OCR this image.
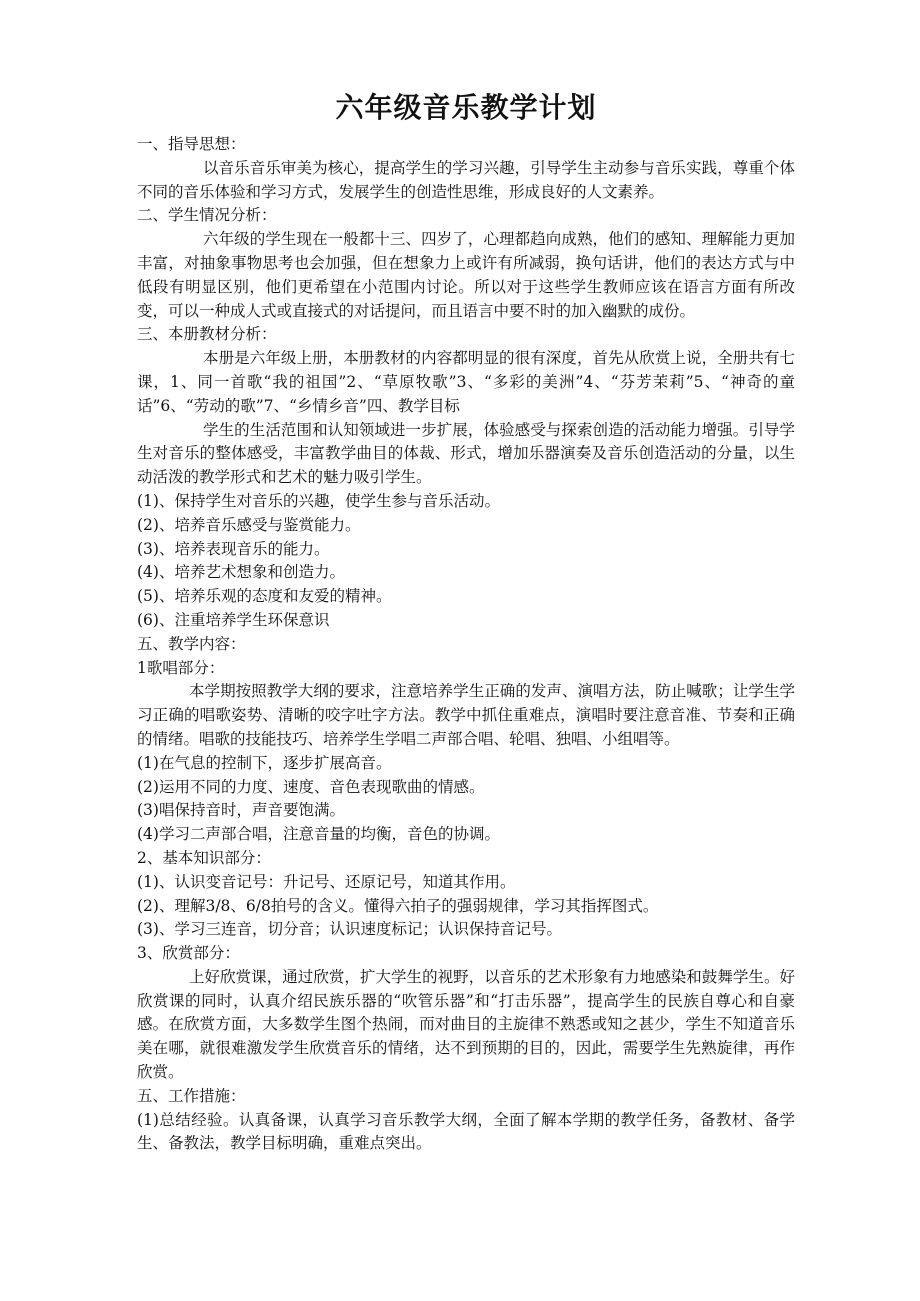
六年级音乐教学计划

一、指导思想：

以音乐音乐审美为核心，提高学生的学习兴趣，引导学生主动参与音乐实践，尊重个体不同的音乐体验和学习方式，发展学生的创造性思维，形成良好的人文素养。

二、学生情况分析：

六年级的学生现在一般都十三、四岁了，心理都趋向成熟，他们的感知、理解能力更加丰富，对抽象事物思考也会加强，但在想象力上或许有所减弱，换句话讲，他们的表达方式与中低段有明显区别，他们更希望在小范围内讨论。所以对于这些学生教师应该在语言方面有所改变，可以一种成人式或直接式的对话提问，而且语言中要不时的加入幽默的成份。

三、本册教材分析：

本册是六年级上册，本册教材的内容都明显的很有深度，首先从欣赏上说，全册共有七课，1、同一首歌“我的祖国”2、“草原牧歌”3、“多彩的美洲”4、“芬芳茉莉”5、“神奇的童话”6、“劳动的歌”7、“乡情乡音”四、教学目标

学生的生活范围和认知领域进一步扩展，体验感受与探索创造的活动能力增强。引导学生对音乐的整体感受，丰富教学曲目的体裁、形式，增加乐器演奏及音乐创造活动的分量，以生动活泼的教学形式和艺术的魅力吸引学生。

(1)、保持学生对音乐的兴趣，使学生参与音乐活动。

(2)、培养音乐感受与鉴赏能力。

(3)、培养表现音乐的能力。

(4)、培养艺术想象和创造力。

(5)、培养乐观的态度和友爱的精神。

(6)、注重培养学生环保意识

五、教学内容：

1歌唱部分：

本学期按照教学大纲的要求，注意培养学生正确的发声、演唱方法，防止喊歌；让学生学习正确的唱歌姿势、清晰的咬字吐字方法。教学中抓住重难点，演唱时要注意音准、节奏和正确的情绪。唱歌的技能技巧、培养学生学唱二声部合唱、轮唱、独唱、小组唱等。

(1)在气息的控制下，逐步扩展高音。

(2)运用不同的力度、速度、音色表现歌曲的情感。

(3)唱保持音时，声音要饱满。

(4)学习二声部合唱，注意音量的均衡，音色的协调。

2、基本知识部分：

(1)、认识变音记号：升记号、还原记号，知道其作用。

(2)、理解3/8、6/8拍号的含义。懂得六拍子的强弱规律，学习其指挥图式。

(3)、学习三连音，切分音；认识速度标记；认识保持音记号。

3、欣赏部分：

上好欣赏课，通过欣赏，扩大学生的视野，以音乐的艺术形象有力地感染和鼓舞学生。好欣赏课的同时，认真介绍民族乐器的“吹管乐器”和“打击乐器”，提高学生的民族自尊心和自豪感。在欣赏方面，大多数学生图个热闹，而对曲目的主旋律不熟悉或知之甚少，学生不知道音乐美在哪，就很难激发学生欣赏音乐的情绪，达不到预期的目的，因此，需要学生先熟旋律，再作欣赏。

五、工作措施：

(1)总结经验。认真备课，认真学习音乐教学大纲，全面了解本学期的教学任务，备教材、备学生、备教法，教学目标明确，重难点突出。
